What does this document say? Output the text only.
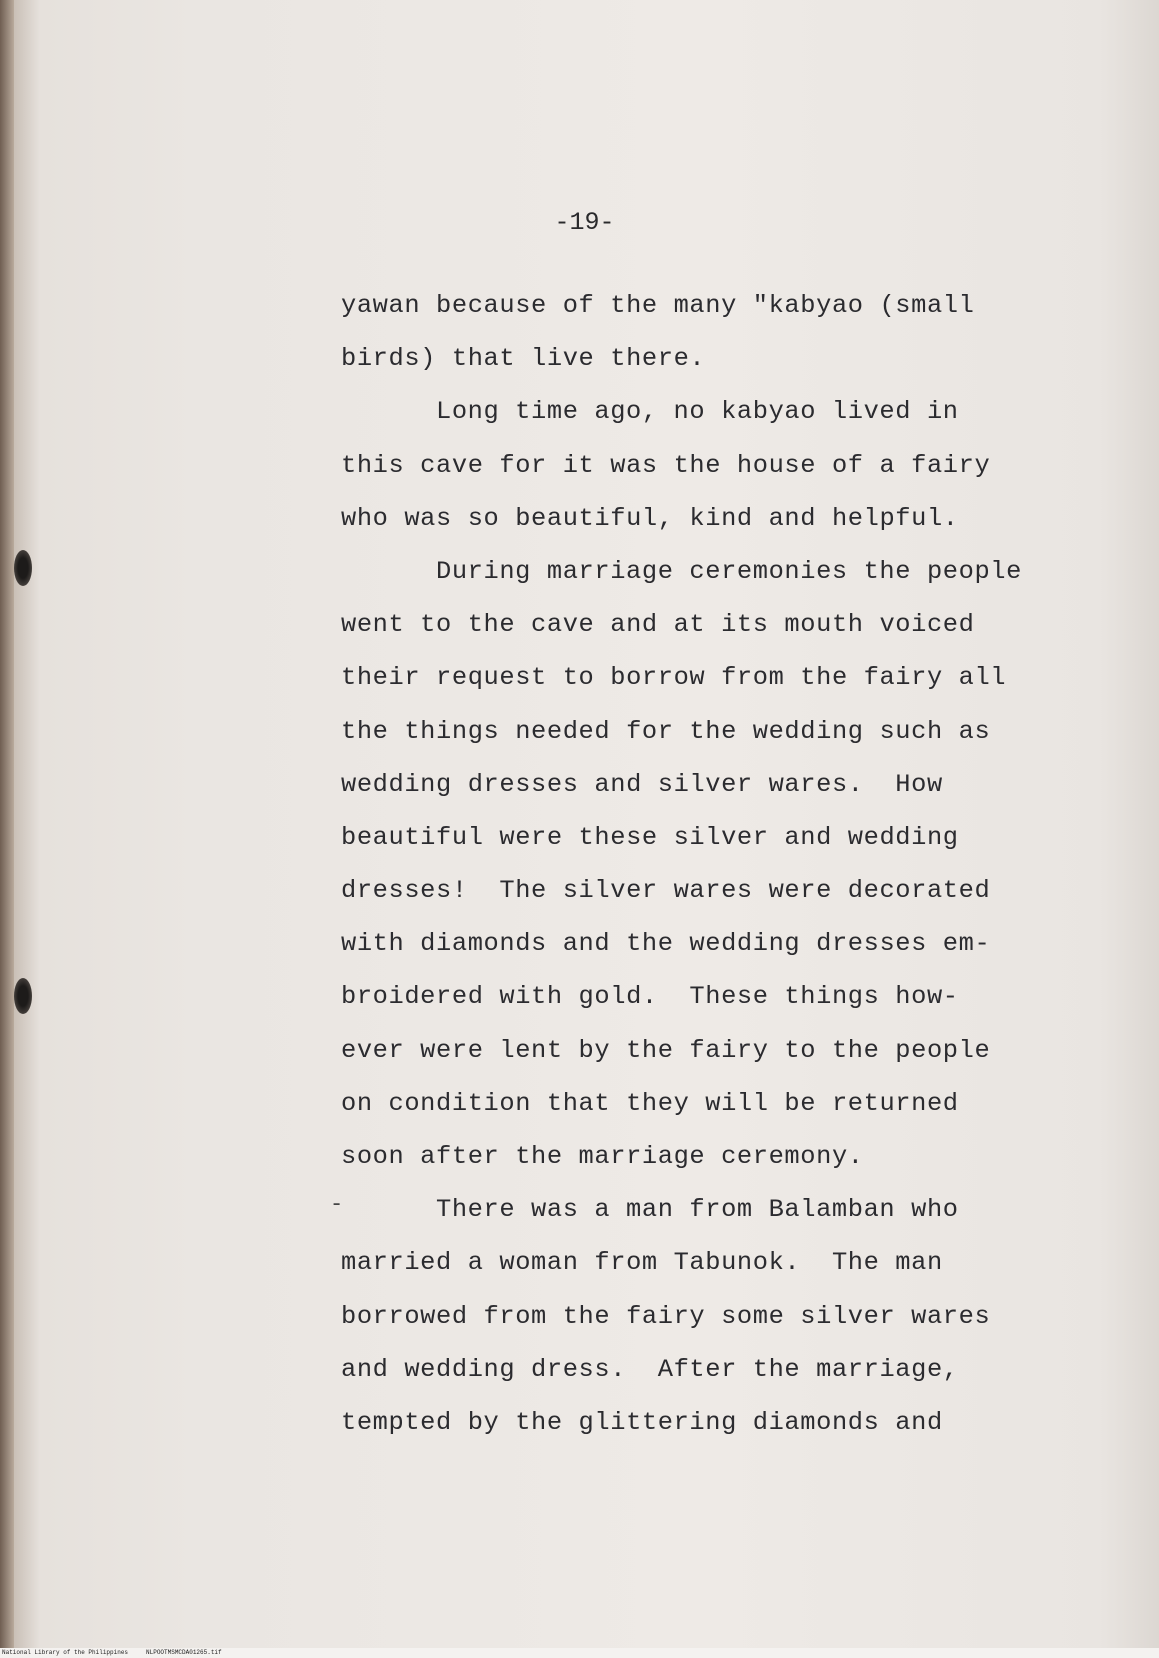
-19-
yawan because of the many "kabyao (small
birds) that live there.
Long time ago, no kabyao lived in
this cave for it was the house of a fairy
who was so beautiful, kind and helpful.
During marriage ceremonies the people
went to the cave and at its mouth voiced
their request to borrow from the fairy all
the things needed for the wedding such as
wedding dresses and silver wares.  How
beautiful were these silver and wedding
dresses!  The silver wares were decorated
with diamonds and the wedding dresses em-
broidered with gold.  These things how-
ever were lent by the fairy to the people
on condition that they will be returned
soon after the marriage ceremony.
There was a man from Balamban who
married a woman from Tabunok.  The man
borrowed from the fairy some silver wares
and wedding dress.  After the marriage,
tempted by the glittering diamonds and
-
National Library of the Philippines     NLPOOTMSMCDA01265.tif
